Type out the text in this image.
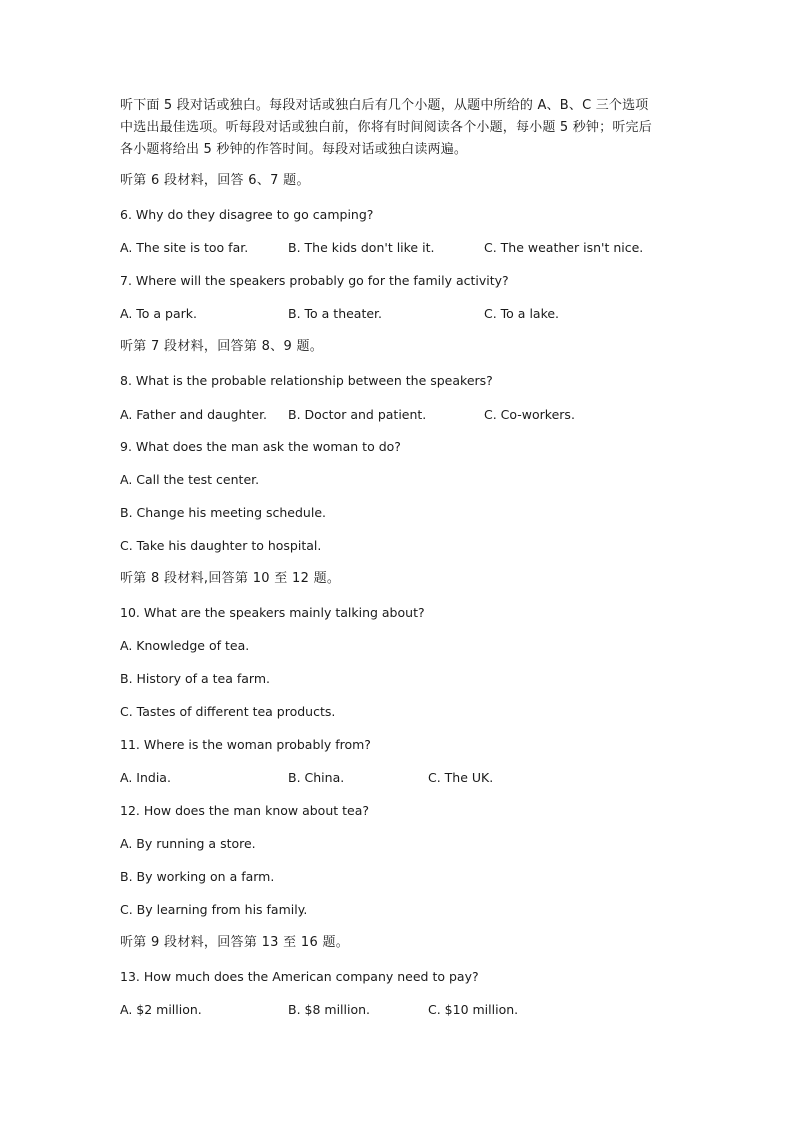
听下面 5 段对话或独白。每段对话或独白后有几个小题，从题中所给的 A、B、C 三个选项
中选出最佳选项。听每段对话或独白前，你将有时间阅读各个小题，每小题 5 秒钟；听完后
各小题将给出 5 秒钟的作答时间。每段对话或独白读两遍。
听第 6 段材料，回答 6、7 题。
6. Why do they disagree to go camping?
A. The site is too far.	B. The kids don't like it.	C. The weather isn't nice.
7. Where will the speakers probably go for the family activity?
A. To a park.	B. To a theater.	C. To a lake.
听第 7 段材料，回答第 8、9 题。
8. What is the probable relationship between the speakers?
A. Father and daughter. B. Doctor and patient.	C. Co-workers.
9. What does the man ask the woman to do?
A. Call the test center.
B. Change his meeting schedule.
C. Take his daughter to hospital.
听第 8 段材料,回答第 10 至 12 题。
10. What are the speakers mainly talking about?
A. Knowledge of tea.
B. History of a tea farm.
C. Tastes of different tea products.
11. Where is the woman probably from?
A. India.	B. China.	C. The UK.
12. How does the man know about tea?
A. By running a store.
B. By working on a farm.
C. By learning from his family.
听第 9 段材料，回答第 13 至 16 题。
13. How much does the American company need to pay?
A. $2 million.	B. $8 million.	C. $10 million.
